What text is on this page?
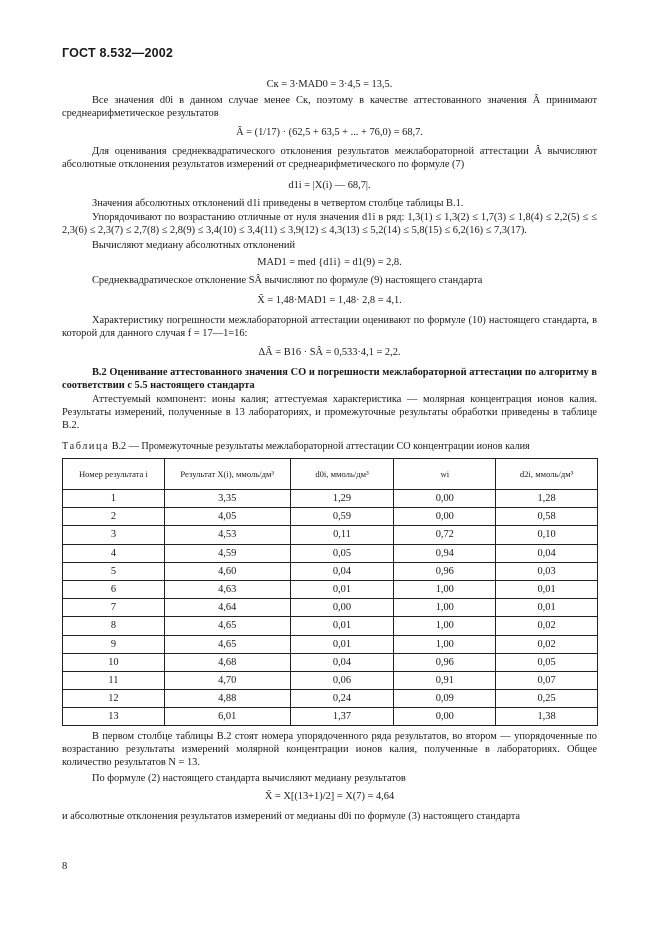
ГОСТ 8.532—2002

Cк = 3·MAD0 = 3·4,5 = 13,5.

Все значения d0i в данном случае менее Cк, поэтому в качестве аттестованного значения Â принимают среднеарифметическое результатов

Â = (1/17) · (62,5 + 63,5 + ... + 76,0) = 68,7.

Для оценивания среднеквадратического отклонения результатов межлабораторной аттестации Â вычисляют абсолютные отклонения результатов измерений от среднеарифметического по формуле (7)

d1i = |X(i) — 68,7|.

Значения абсолютных отклонений d1i приведены в четвертом столбце таблицы В.1.

Упорядочивают по возрастанию отличные от нуля значения d1i в ряд: 1,3(1) ≤ 1,3(2) ≤ 1,7(3) ≤ 1,8(4) ≤ 2,2(5) ≤ ≤ 2,3(6) ≤ 2,3(7) ≤ 2,7(8) ≤ 2,8(9) ≤ 3,4(10) ≤ 3,4(11) ≤ 3,9(12) ≤ 4,3(13) ≤ 5,2(14) ≤ 5,8(15) ≤ 6,2(16) ≤ 7,3(17).

Вычисляют медиану абсолютных отклонений

MAD1 = med {d1i} = d1(9) = 2,8.

Среднеквадратическое отклонение SÂ вычисляют по формуле (9) настоящего стандарта

X̃ = 1,48·MAD1 = 1,48· 2,8 = 4,1.

Характеристику погрешности межлабораторной аттестации оценивают по формуле (10) настоящего стандарта, в которой для данного случая f = 17—1=16:

ΔÂ = B16 · SÂ = 0,533·4,1 = 2,2.

В.2 Оценивание аттестованного значения СО и погрешности межлабораторной аттестации по алгоритму в соответствии с 5.5 настоящего стандарта

Аттестуемый компонент: ионы калия; аттестуемая характеристика — молярная концентрация ионов калия. Результаты измерений, полученные в 13 лабораториях, и промежуточные результаты обработки приведены в таблице В.2.

Таблица В.2 — Промежуточные результаты межлабораторной аттестации СО концентрации ионов калия
Номер результата i	Результат X(i), ммоль/дм³	d0i, ммоль/дм³	wi	d2i, ммоль/дм³
1	3,35	1,29	0,00	1,28
2	4,05	0,59	0,00	0,58
3	4,53	0,11	0,72	0,10
4	4,59	0,05	0,94	0,04
5	4,60	0,04	0,96	0,03
6	4,63	0,01	1,00	0,01
7	4,64	0,00	1,00	0,01
8	4,65	0,01	1,00	0,02
9	4,65	0,01	1,00	0,02
10	4,68	0,04	0,96	0,05
11	4,70	0,06	0,91	0,07
12	4,88	0,24	0,09	0,25
13	6,01	1,37	0,00	1,38

В первом столбце таблицы В.2 стоят номера упорядоченного ряда результатов, во втором — упорядоченные по возрастанию результаты измерений молярной концентрации ионов калия, полученные в лабораториях. Общее количество результатов N = 13.

По формуле (2) настоящего стандарта вычисляют медиану результатов

X̃ = X[(13+1)/2] = X(7) = 4,64

и абсолютные отклонения результатов измерений от медианы d0i по формуле (3) настоящего стандарта

8
